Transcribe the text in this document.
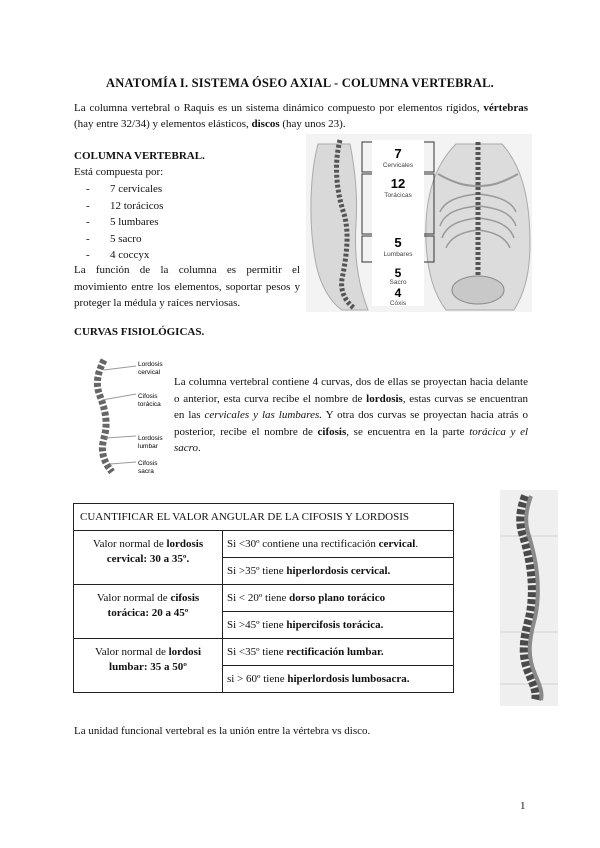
ANATOMÍA I. SISTEMA ÓSEO AXIAL - COLUMNA VERTEBRAL.
La columna vertebral o Raquis es un sistema dinámico compuesto por elementos rígidos, vértebras (hay entre 32/34) y elementos elásticos, discos (hay unos 23).
COLUMNA VERTEBRAL.
Está compuesta por:
- 7 cervicales
- 12 torácicos
- 5 lumbares
- 5 sacro
- 4 coccyx
La función de la columna es permitir el movimiento entre los elementos, soportar pesos y proteger la médula y raíces nerviosas.
7
Cervicales
12
Torácicas
5
Lumbares
5
Sacro
4
Cóxis
CURVAS FISIOLÓGICAS.
Lordosis
cervical
Cifosis
torácica
Lordosis
lumbar
Cifosis
sacra
La columna vertebral contiene 4 curvas, dos de ellas se proyectan hacia delante o anterior, esta curva recibe el nombre de lordosis, estas curvas se encuentran en las cervicales y las lumbares. Y otra dos curvas se proyectan hacia atrás o posterior, recibe el nombre de cifosis, se encuentra en la parte torácica y el sacro.
CUANTIFICAR EL VALOR ANGULAR DE LA CIFOSIS Y LORDOSIS	
Valor normal de lordosis
cervical: 30 a 35º.	Si <30º contiene una rectificación cervical.
	Si >35º tiene hiperlordosis cervical.
Valor normal de cifosis
torácica: 20 a 45º	Si < 20º tiene dorso plano torácico
	Si >45º tiene hipercifosis torácica.
Valor normal de lordosi
lumbar: 35 a 50º	Si <35º tiene rectificación lumbar.
	si > 60º tiene hiperlordosis lumbosacra.
La unidad funcional vertebral es la unión entre la vértebra vs disco.
1
